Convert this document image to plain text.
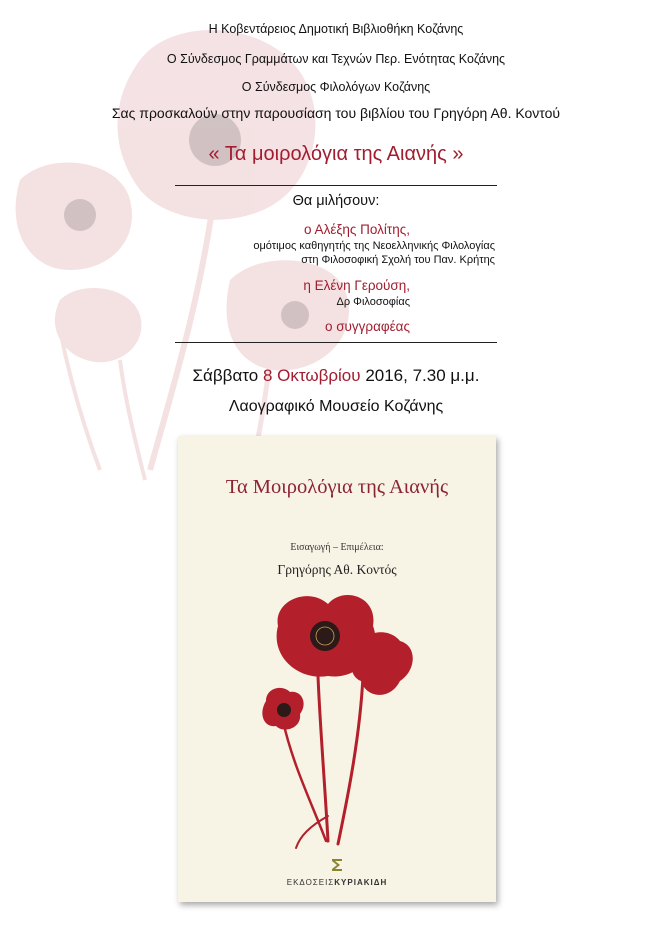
Η Κοβεντάρειος Δημοτική Βιβλιοθήκη Κοζάνης
Ο Σύνδεσμος Γραμμάτων και Τεχνών Περ. Ενότητας Κοζάνης
Ο Σύνδεσμος Φιλολόγων Κοζάνης
Σας προσκαλούν στην παρουσίαση του βιβλίου του Γρηγόρη Αθ. Κοντού
« Τα μοιρολόγια της Αιανής »
Θα μιλήσουν:
ο Αλέξης Πολίτης,
ομότιμος καθηγητής της Νεοελληνικής Φιλολογίας
στη Φιλοσοφική Σχολή του Παν. Κρήτης
η Ελένη Γερούση,
Δρ Φιλοσοφίας
ο συγγραφέας
Σάββατο 8 Οκτωβρίου 2016, 7.30 μ.μ.
Λαογραφικό Μουσείο Κοζάνης
Τα Μοιρολόγια της Αιανής
Εισαγωγή – Επιμέλεια:
Γρηγόρης Αθ. Κοντός
ΕΚΔΟΣΕΙΣΚΥΡΙΑΚΙΔΗ
